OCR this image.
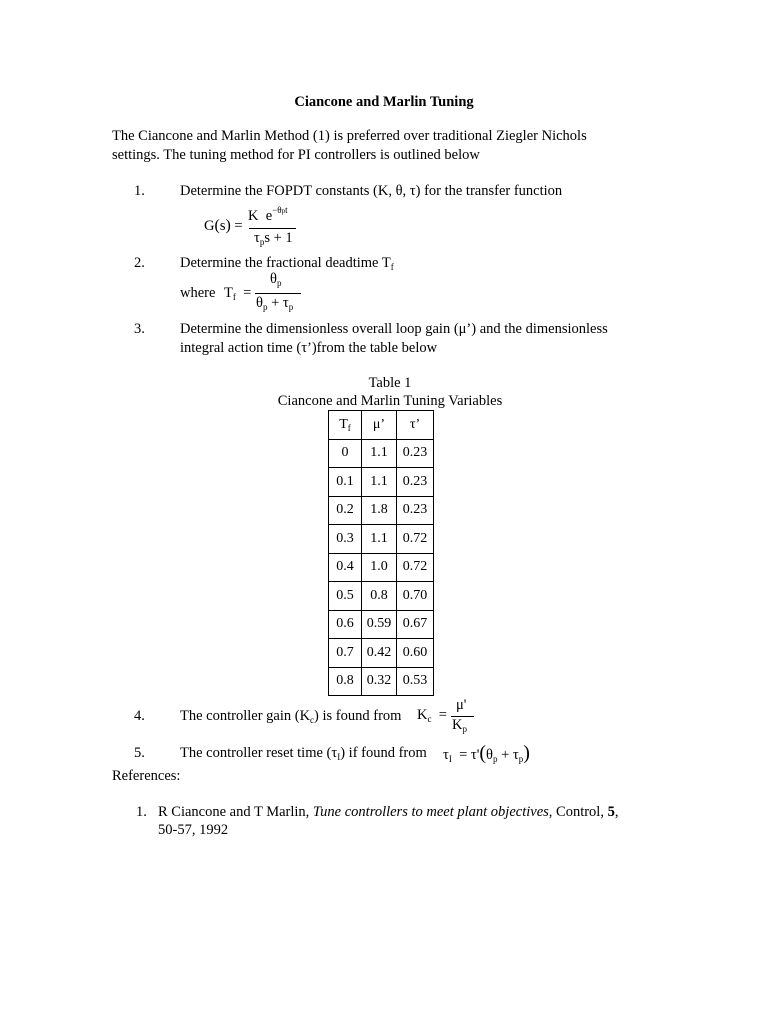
Ciancone and Marlin Tuning
The Ciancone and Marlin Method (1) is preferred over traditional Ziegler Nichols
settings. The tuning method for PI controllers is outlined below
1. Determine the FOPDT constants (K, θ, τ) for the transfer function
G(s) =
K  $e^{-\theta pt}$
$\tau_ps + 1$
2. Determine the fractional deadtime $T_f$
where $T_f$  =
$\theta_p$
$\theta_p + \tau_p$
3. Determine the dimensionless overall loop gain (μ’) and the dimensionless
integral action time (τ’)from the table below
Table 1
Ciancone and Marlin Tuning Variables
$T_f$	μ’	τ’
0	1.1	0.23
0.1	1.1	0.23
0.2	1.8	0.23
0.3	1.1	0.72
0.4	1.0	0.72
0.5	0.8	0.70
0.6	0.59	0.67
0.7	0.42	0.60
0.8	0.32	0.53
4. The controller gain $(K_c)$ is found from $K_c$  =
μ'
$K_p$
5. The controller reset time $(\tau_I)$ if found from $\tau_I = \tau'(\theta_p + \tau_p)$
References:
1. R Ciancone and T Marlin, Tune controllers to meet plant objectives, Control, 5,
50-57, 1992
